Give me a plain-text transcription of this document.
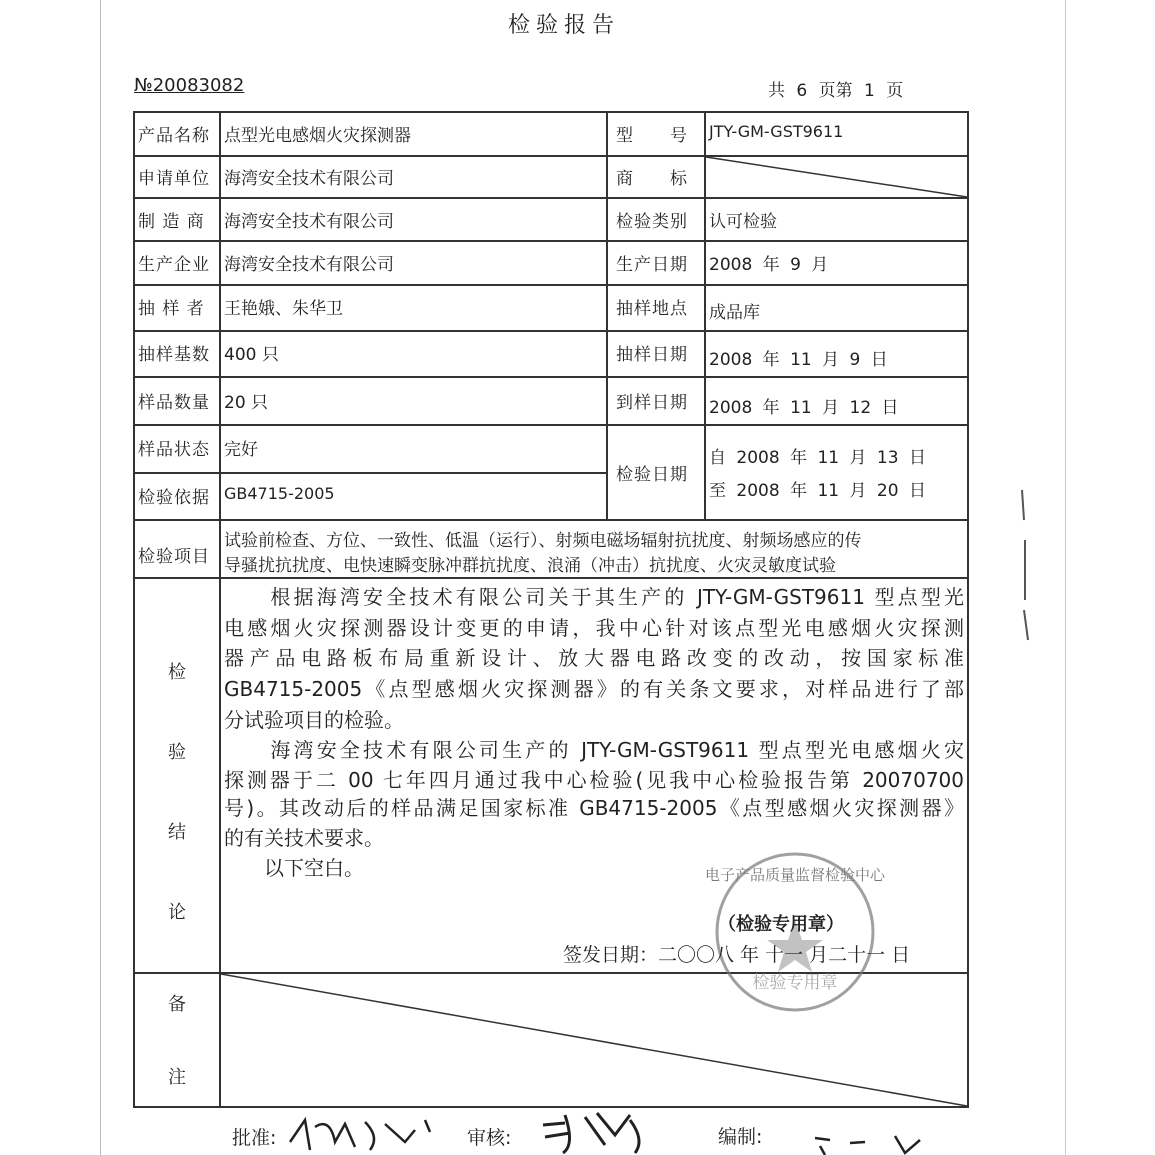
检验报告
№20083082	共 6 页第 1 页
产品名称 点型光电感烟火灾探测器	型　　号 JTY-GM-GST9611
申请单位 海湾安全技术有限公司	商　　标
制 造 商 海湾安全技术有限公司	检验类别 认可检验
生产企业 海湾安全技术有限公司	生产日期 2008 年 9 月
抽 样 者 王艳娥、朱华卫	抽样地点 成品库
抽样基数 400 只	抽样日期 2008 年 11 月 9 日
样品数量 20 只	到样日期 2008 年 11 月 12 日
样品状态 完好
检验依据 GB4715-2005
检验日期
自 2008 年 11 月 13 日
至 2008 年 11 月 20 日
检验项目
试验前检查、方位、一致性、低温（运行）、射频电磁场辐射抗扰度、射频场感应的传
导骚扰抗扰度、电快速瞬变脉冲群抗扰度、浪涌（冲击）抗扰度、火灾灵敏度试验
检
验
结
论
　　根据海湾安全技术有限公司关于其生产的 JTY-GM-GST9611 型点型光
电感烟火灾探测器设计变更的申请，我中心针对该点型光电感烟火灾探测
器产品电路板布局重新设计、放大器电路改变的改动，按国家标准
GB4715-2005《点型感烟火灾探测器》的有关条文要求，对样品进行了部
分试验项目的检验。
　　海湾安全技术有限公司生产的 JTY-GM-GST9611 型点型光电感烟火灾
探测器于二 00 七年四月通过我中心检验(见我中心检验报告第 20070700
号)。其改动后的样品满足国家标准 GB4715-2005《点型感烟火灾探测器》
的有关技术要求。
　　以下空白。	电子产品质量监督检验中心
检验专用章
（检验专用章）
签发日期：二〇〇八 年 十一 月二十一 日
备
注
批准:	审核:	编制:
